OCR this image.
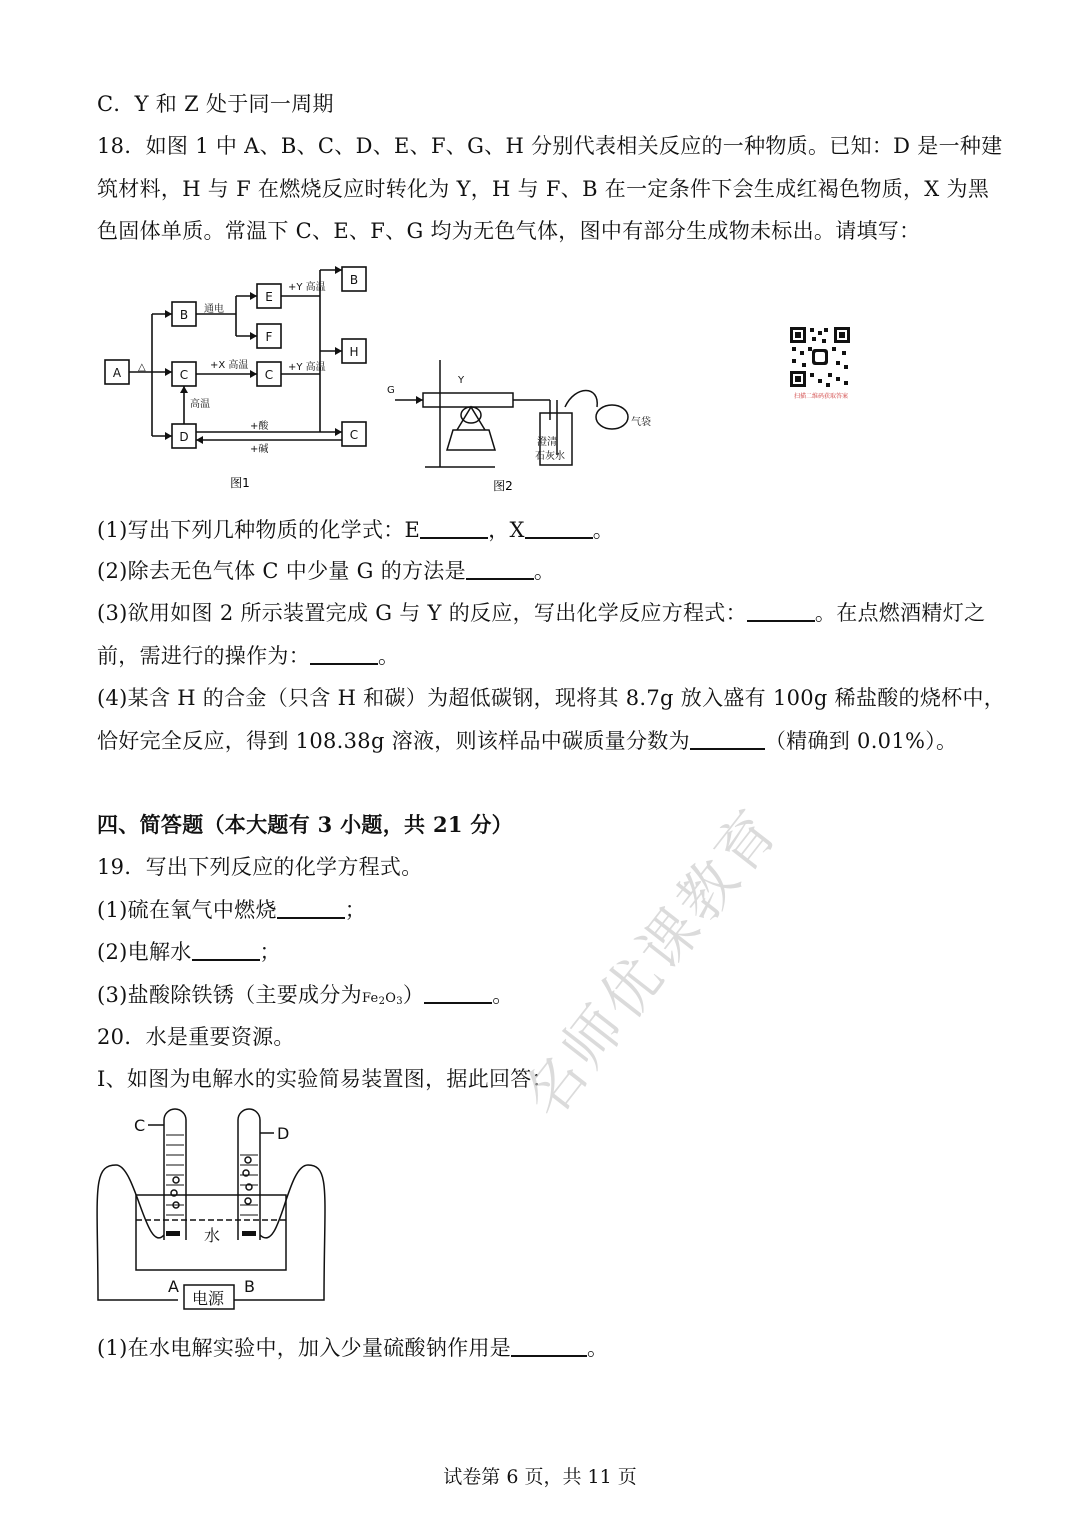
C．Y 和 Z 处于同一周期
18．如图 1 中 A、B、C、D、E、F、G、H 分别代表相关反应的一种物质。已知：D 是一种建
筑材料，H 与 F 在燃烧反应时转化为 Y，H 与 F、B 在一定条件下会生成红褐色物质，X 为黑
色固体单质。常温下 C、E、F、G 均为无色气体，图中有部分生成物未标出。请填写：
A
B
C
D
E
F
C
B
H
C
△
通电
+Y 高温
+X 高温	+Y 高温
高温
+酸
+碱
图1
G
Y
澄清
石灰水
气袋
图2
扫描二维码获取答案
(1)写出下列几种物质的化学式：E	，X	。
(2)除去无色气体 C 中少量 G 的方法是	。
(3)欲用如图 2 所示装置完成 G 与 Y 的反应，写出化学反应方程式：	。在点燃酒精灯之
前，需进行的操作为：	。
(4)某含 H 的合金（只含 H 和碳）为超低碳钢，现将其 8.7g 放入盛有 100g 稀盐酸的烧杯中，
恰好完全反应，得到 108.38g 溶液，则该样品中碳质量分数为	（精确到 0.01%）。
四、简答题（本大题有 3 小题，共 21 分）
19．写出下列反应的化学方程式。
(1)硫在氧气中燃烧	；
(2)电解水	；
(3)盐酸除铁锈（主要成分为$Fe_2O_3$）	。
20．水是重要资源。
I、如图为电解水的实验简易装置图，据此回答：
C	D
A	B
水
电源
(1)在水电解实验中，加入少量硫酸钠作用是	。
名师优课教育
试卷第 6 页，共 11 页
